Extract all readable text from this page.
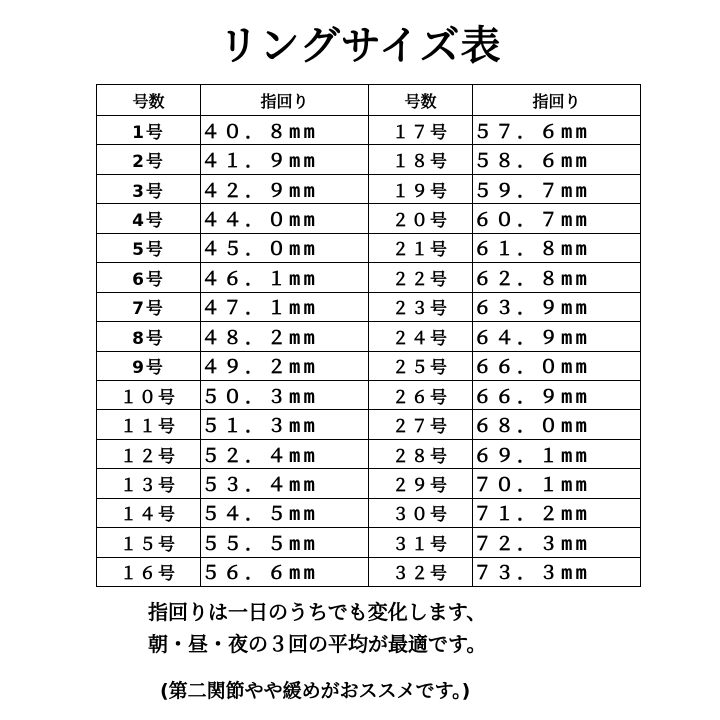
リングサイズ表
号数	指回り	号数	指回り
1号	４０．８mm	１７号	５７．６mm
2号	４１．９mm	１８号	５８．６mm
3号	４２．９mm	１９号	５９．７mm
4号	４４．０mm	２０号	６０．７mm
5号	４５．０mm	２１号	６１．８mm
6号	４６．１mm	２２号	６２．８mm
7号	４７．１mm	２３号	６３．９mm
8号	４８．２mm	２４号	６４．９mm
9号	４９．２mm	２５号	６６．０mm
１０号	５０．３mm	２６号	６６．９mm
１１号	５１．３mm	２７号	６８．０mm
１２号	５２．４mm	２８号	６９．１mm
１３号	５３．４mm	２９号	７０．１mm
１４号	５４．５mm	３０号	７１．２mm
１５号	５５．５mm	３１号	７２．３mm
１６号	５６．６mm	３２号	７３．３mm
指回りは一日のうちでも変化します、
朝・昼・夜の３回の平均が最適です。
(第二関節やや緩めがおススメです。)
